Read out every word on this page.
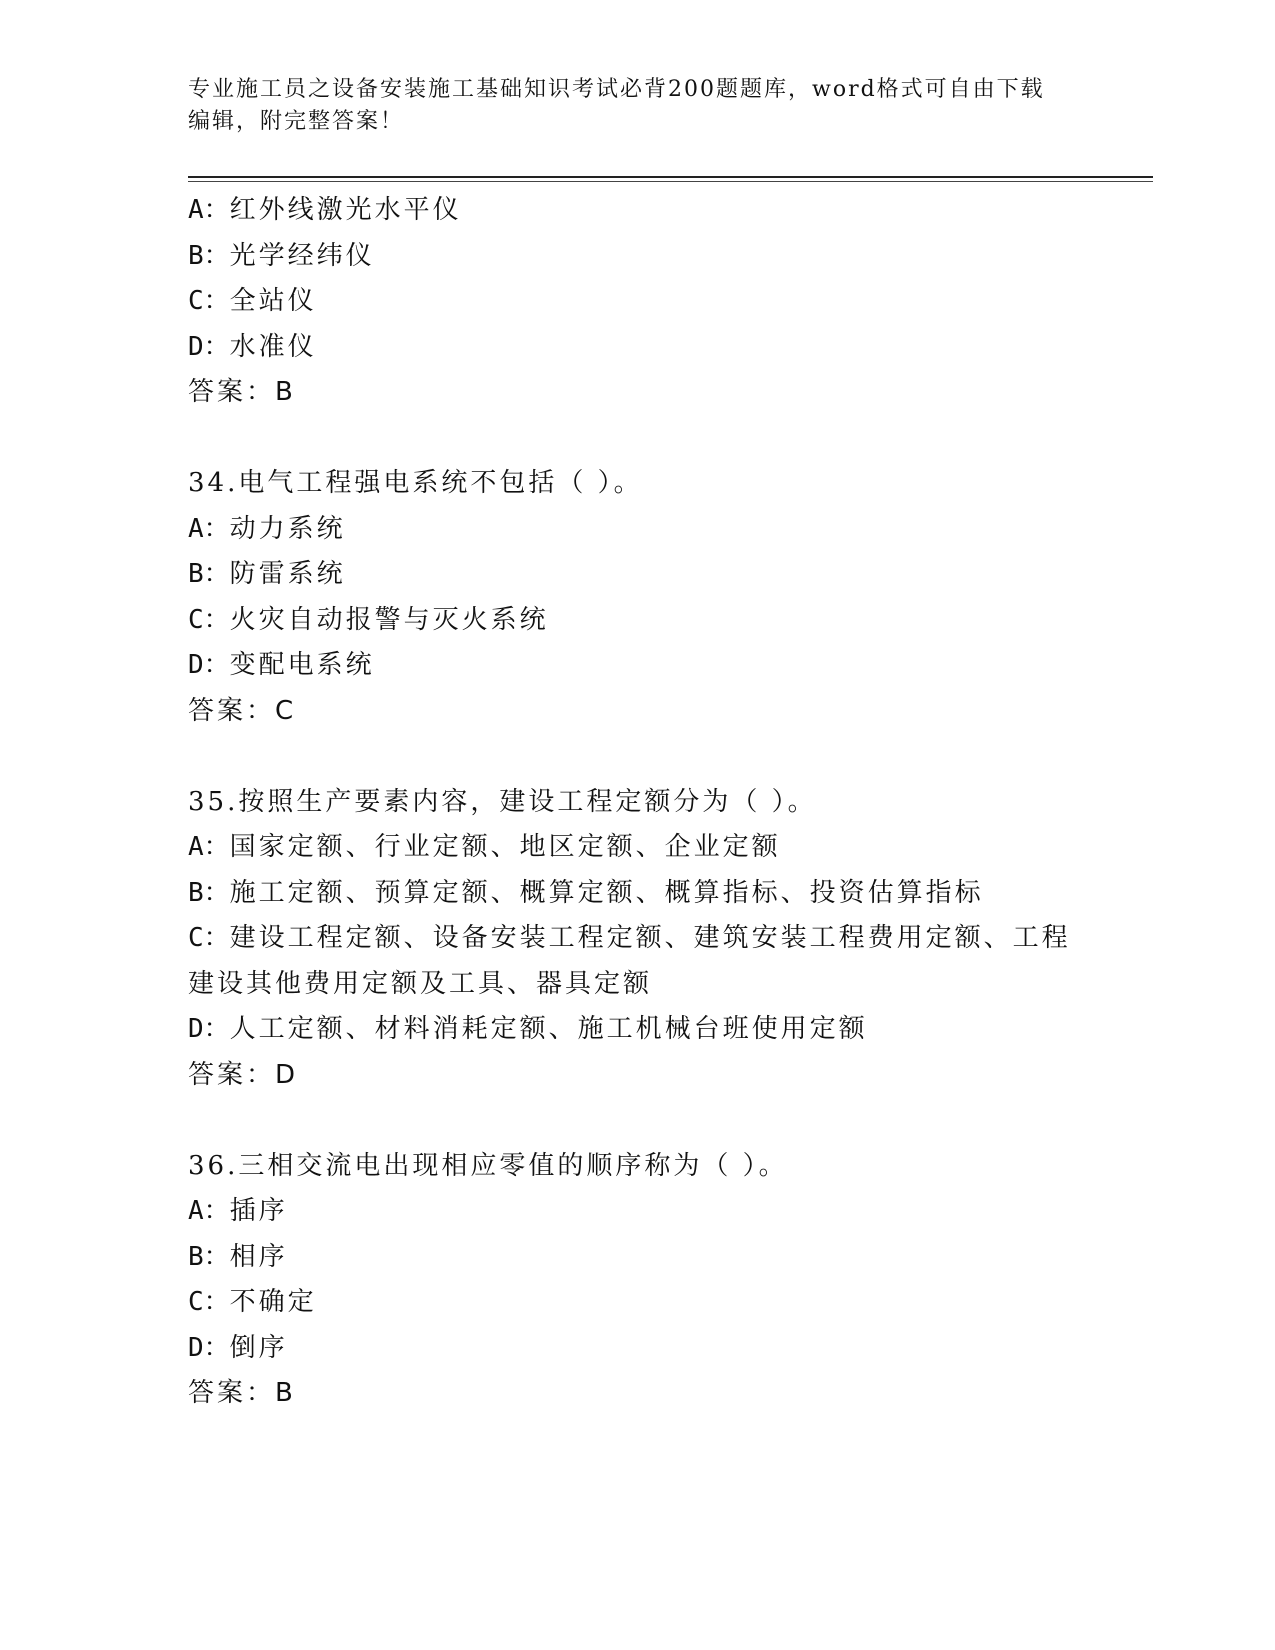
专业施工员之设备安装施工基础知识考试必背200题题库，word格式可自由下载
编辑，附完整答案！
A：红外线激光水平仪
B：光学经纬仪
C：全站仪
D：水准仪
答案：B
34.电气工程强电系统不包括（ ）。
A：动力系统
B：防雷系统
C：火灾自动报警与灭火系统
D：变配电系统
答案：C
35.按照生产要素内容，建设工程定额分为（ ）。
A：国家定额、行业定额、地区定额、企业定额
B：施工定额、预算定额、概算定额、概算指标、投资估算指标
C：建设工程定额、设备安装工程定额、建筑安装工程费用定额、工程建设其他费用定额及工具、器具定额
D：人工定额、材料消耗定额、施工机械台班使用定额
答案：D
36.三相交流电出现相应零值的顺序称为（ ）。
A：插序
B：相序
C：不确定
D：倒序
答案：B
